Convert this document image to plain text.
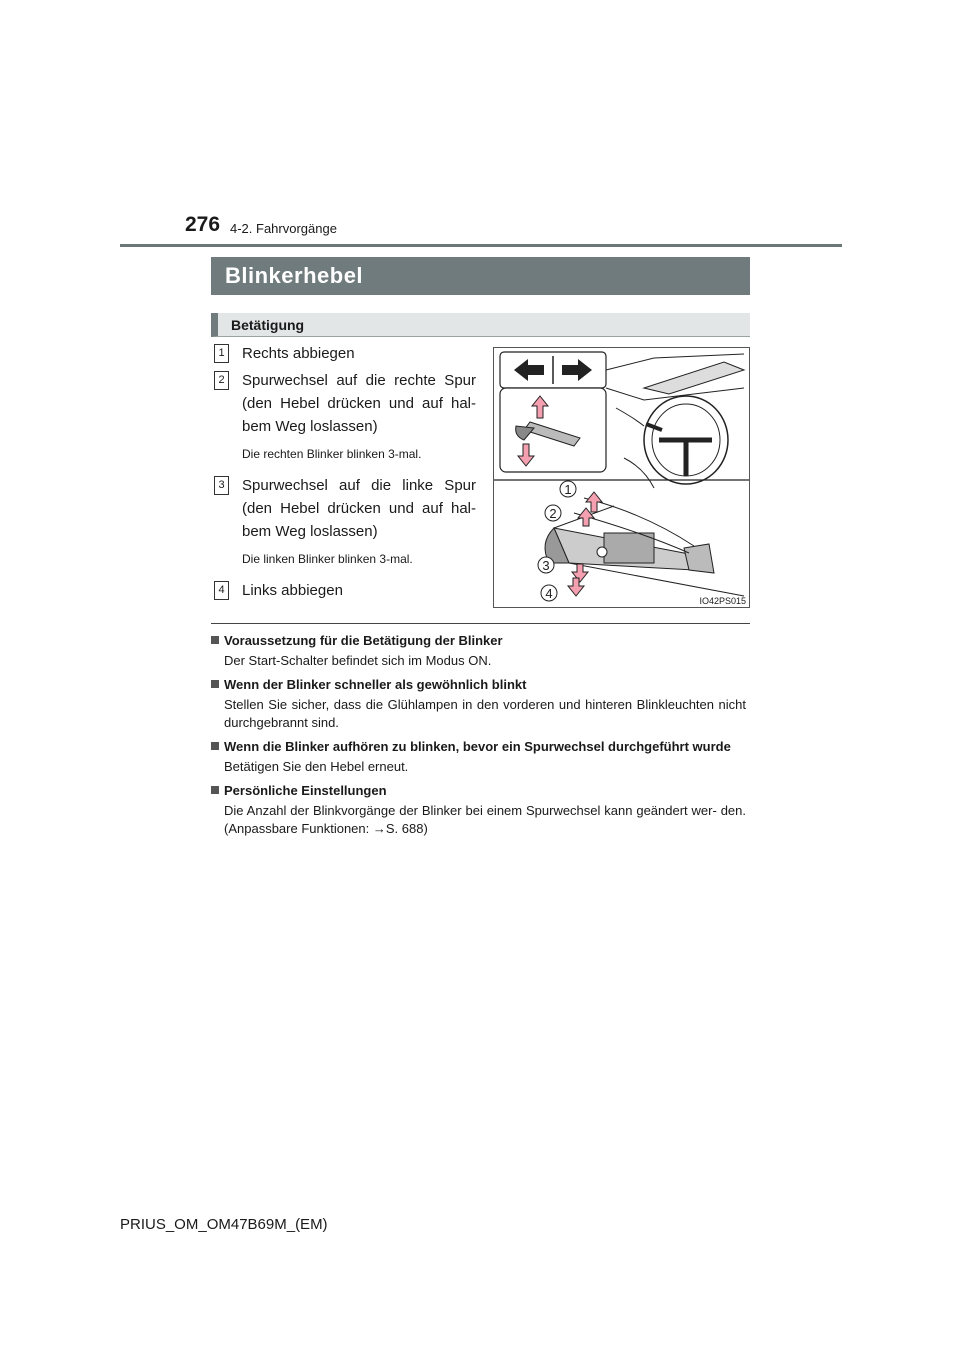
276 4-2. Fahrvorgänge
Blinkerhebel
Betätigung
1 Rechts abbiegen
2 Spurwechsel auf die rechte Spur (den Hebel drücken und auf hal- bem Weg loslassen)
Die rechten Blinker blinken 3-mal.
3 Spurwechsel auf die linke Spur (den Hebel drücken und auf hal- bem Weg loslassen)
Die linken Blinker blinken 3-mal.
4 Links abbiegen
1
2
3
4	IO42PS015
Voraussetzung für die Betätigung der Blinker
Der Start-Schalter befindet sich im Modus ON.
Wenn der Blinker schneller als gewöhnlich blinkt
Stellen Sie sicher, dass die Glühlampen in den vorderen und hinteren Blinkleuchten nicht durchgebrannt sind.
Wenn die Blinker aufhören zu blinken, bevor ein Spurwechsel durchgeführt wurde
Betätigen Sie den Hebel erneut.
Persönliche Einstellungen
Die Anzahl der Blinkvorgänge der Blinker bei einem Spurwechsel kann geändert wer- den. (Anpassbare Funktionen: →S. 688)
PRIUS_OM_OM47B69M_(EM)
